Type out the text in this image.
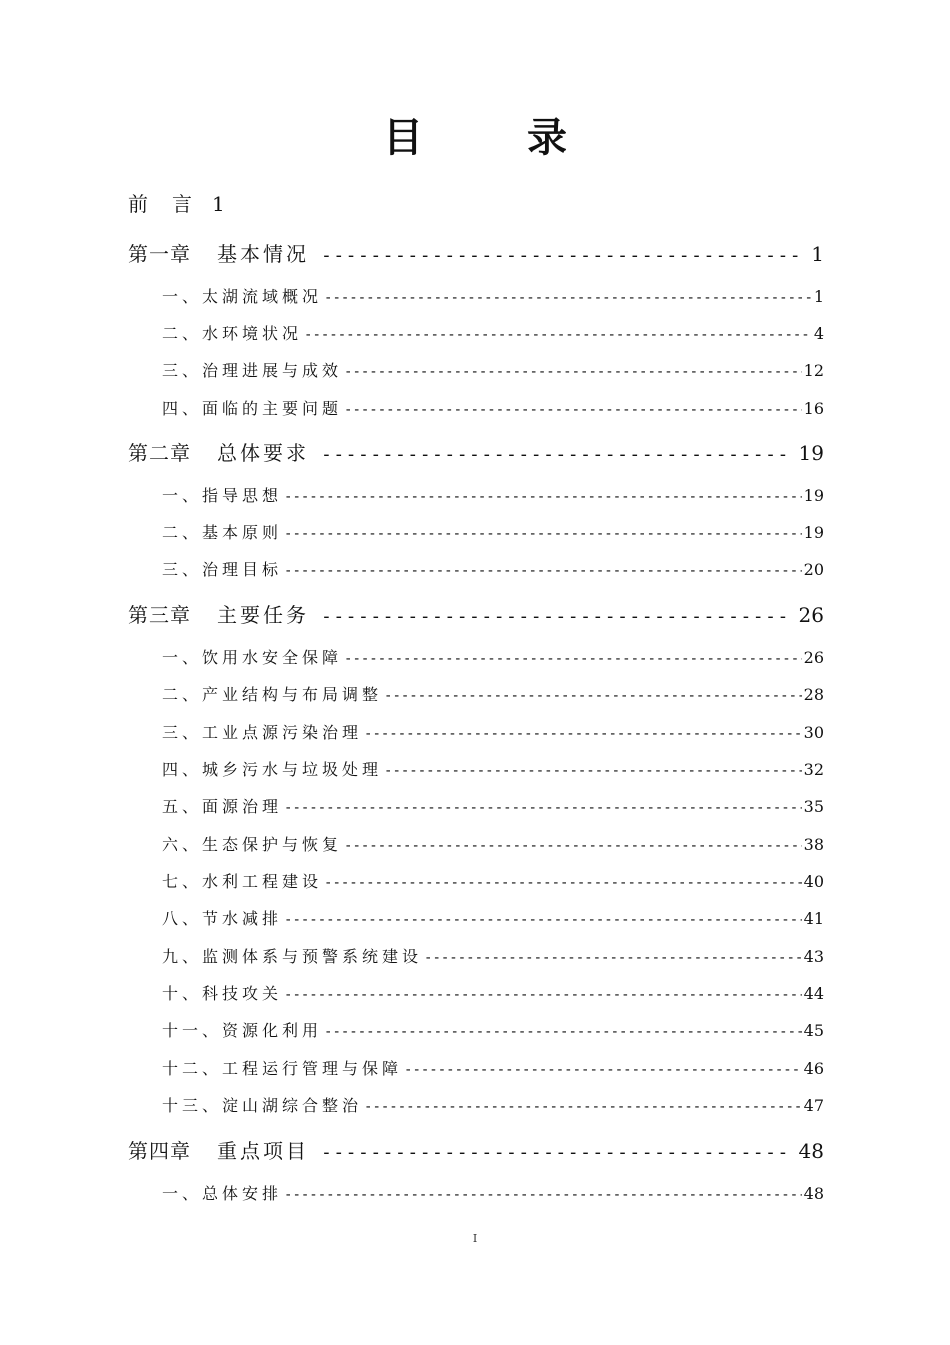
目　录
前 言 1
第一章 基本情况 -----	1
一、太湖流域概况 -----	1
二、水环境状况 -----	4
三、治理进展与成效 -----	12
四、面临的主要问题 -----	16
第二章 总体要求 -----	19
一、指导思想 -----	19
二、基本原则 -----	19
三、治理目标 -----	20
第三章 主要任务 -----	26
一、饮用水安全保障 -----	26
二、产业结构与布局调整 -----	28
三、工业点源污染治理 -----	30
四、城乡污水与垃圾处理 -----	32
五、面源治理 -----	35
六、生态保护与恢复 -----	38
七、水利工程建设 -----	40
八、节水减排 -----	41
九、监测体系与预警系统建设 -----	43
十、科技攻关 -----	44
十一、资源化利用 -----	45
十二、工程运行管理与保障 -----	46
十三、淀山湖综合整治 -----	47
第四章 重点项目 -----	48
一、总体安排 -----	48
I
